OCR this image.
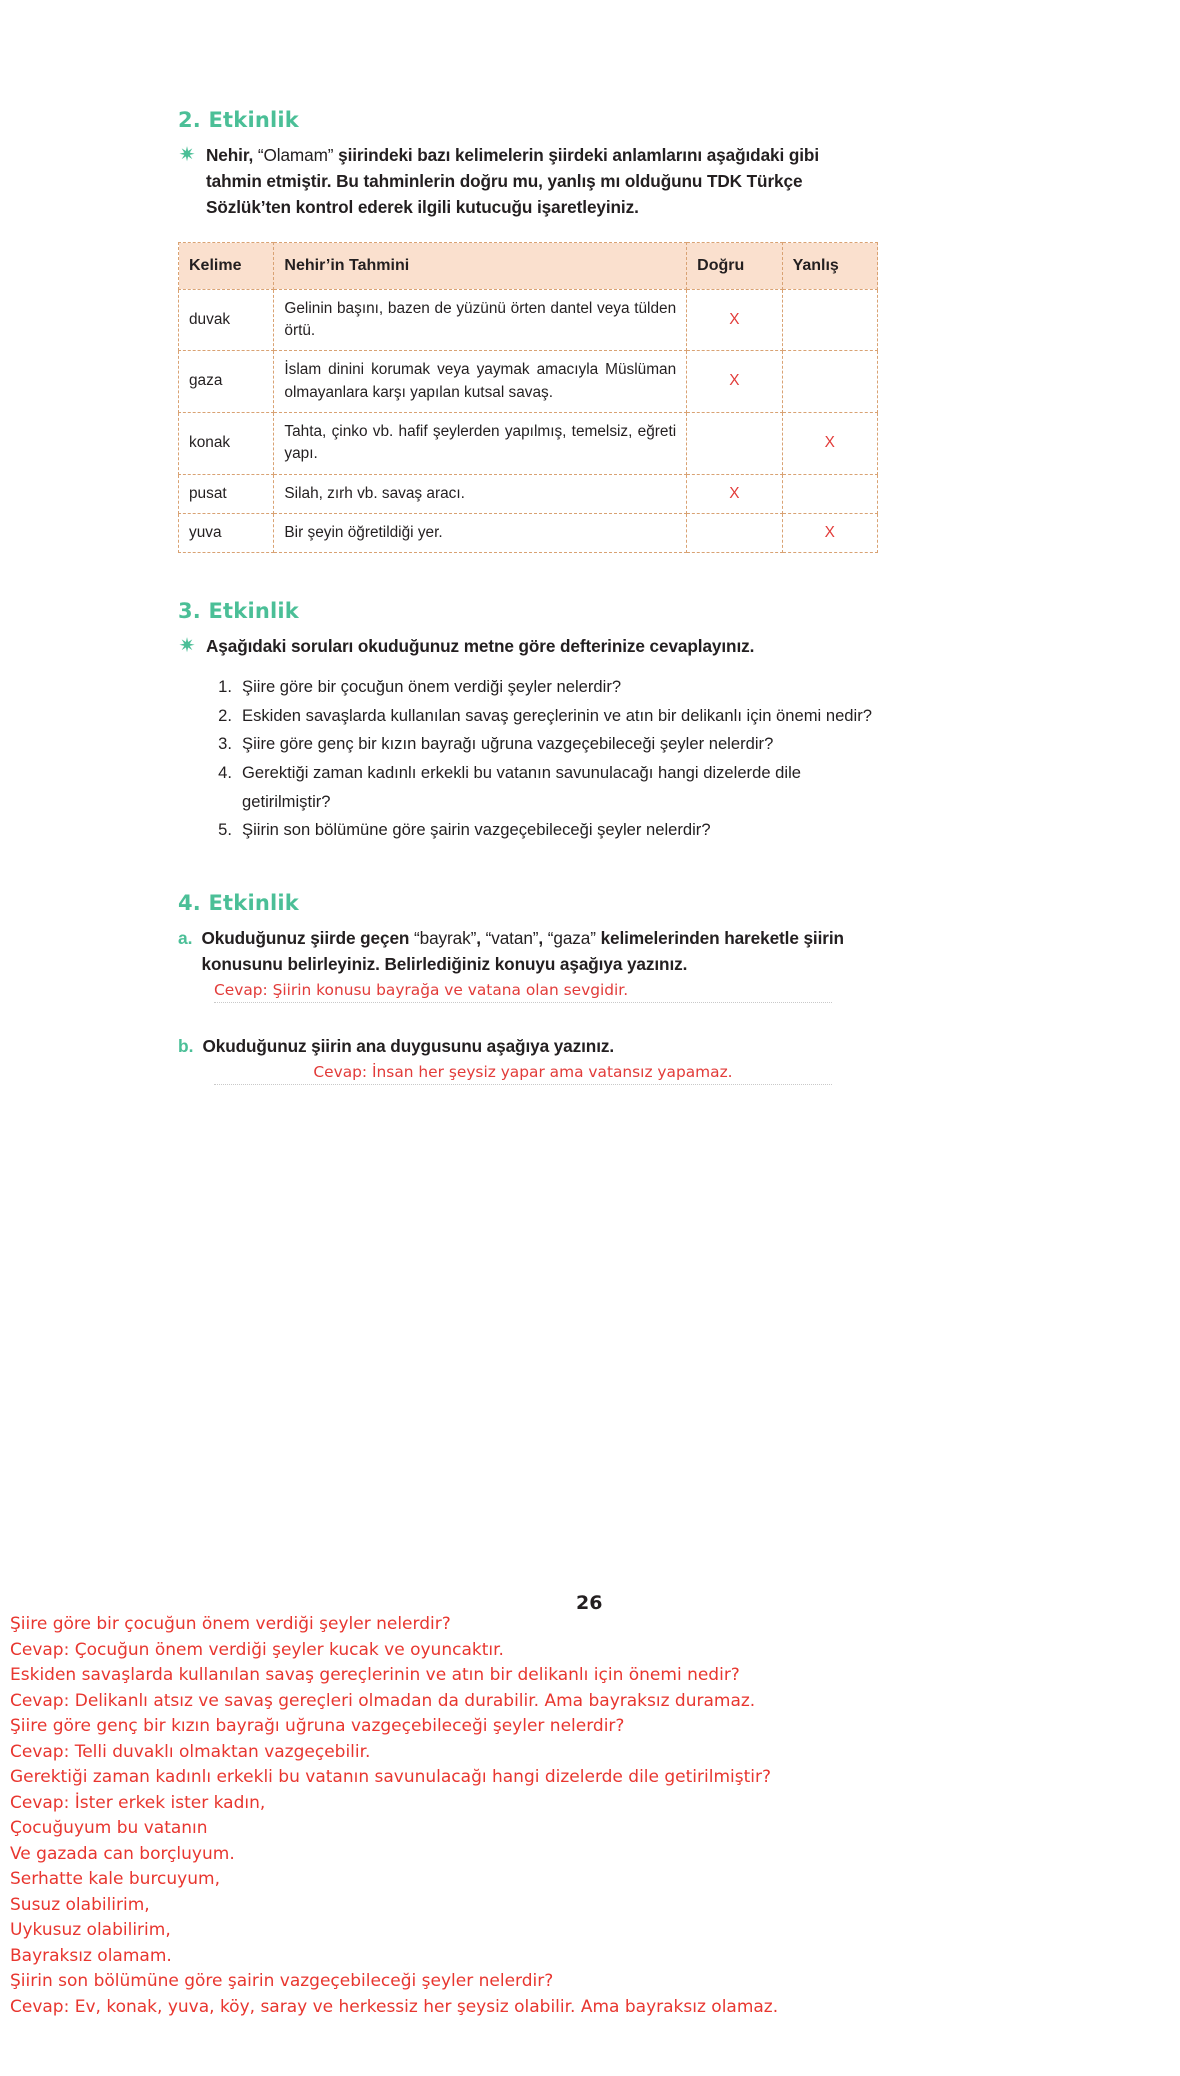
2. Etkinlik
✷ Nehir, “Olamam” şiirindeki bazı kelimelerin şiirdeki anlamlarını aşağıdaki gibi tahmin etmiştir. Bu tahminlerin doğru mu, yanlış mı olduğunu TDK Türkçe Sözlük’ten kontrol ederek ilgili kutucuğu işaretleyiniz.
Kelime	Nehir’in Tahmini	Doğru	Yanlış
duvak	Gelinin başını, bazen de yüzünü örten dantel veya tülden örtü.	X	
gaza	İslam dinini korumak veya yaymak amacıyla Müslüman olmayanlara karşı yapılan kutsal savaş.	X	
konak	Tahta, çinko vb. hafif şeylerden yapılmış, temelsiz, eğreti yapı.		X
pusat	Silah, zırh vb. savaş aracı.	X	
yuva	Bir şeyin öğretildiği yer.		X
3. Etkinlik
✷ Aşağıdaki soruları okuduğunuz metne göre defterinize cevaplayınız.
1. Şiire göre bir çocuğun önem verdiği şeyler nelerdir?
2. Eskiden savaşlarda kullanılan savaş gereçlerinin ve atın bir delikanlı için önemi nedir?
3. Şiire göre genç bir kızın bayrağı uğruna vazgeçebileceği şeyler nelerdir?
4. Gerektiği zaman kadınlı erkekli bu vatanın savunulacağı hangi dizelerde dile getirilmiştir?
5. Şiirin son bölümüne göre şairin vazgeçebileceği şeyler nelerdir?
4. Etkinlik
a. Okuduğunuz şiirde geçen “bayrak”, “vatan”, “gaza” kelimelerinden hareketle şiirin konusunu belirleyiniz. Belirlediğiniz konuyu aşağıya yazınız.
Cevap: Şiirin konusu bayrağa ve vatana olan sevgidir.
b. Okuduğunuz şiirin ana duygusunu aşağıya yazınız.
Cevap: İnsan her şeysiz yapar ama vatansız yapamaz.
26
Şiire göre bir çocuğun önem verdiği şeyler nelerdir?
Cevap: Çocuğun önem verdiği şeyler kucak ve oyuncaktır.
Eskiden savaşlarda kullanılan savaş gereçlerinin ve atın bir delikanlı için önemi nedir?
Cevap: Delikanlı atsız ve savaş gereçleri olmadan da durabilir. Ama bayraksız duramaz.
Şiire göre genç bir kızın bayrağı uğruna vazgeçebileceği şeyler nelerdir?
Cevap: Telli duvaklı olmaktan vazgeçebilir.
Gerektiği zaman kadınlı erkekli bu vatanın savunulacağı hangi dizelerde dile getirilmiştir?
Cevap: İster erkek ister kadın,
Çocuğuyum bu vatanın
Ve gazada can borçluyum.
Serhatte kale burcuyum,
Susuz olabilirim,
Uykusuz olabilirim,
Bayraksız olamam.
Şiirin son bölümüne göre şairin vazgeçebileceği şeyler nelerdir?
Cevap: Ev, konak, yuva, köy, saray ve herkessiz her şeysiz olabilir. Ama bayraksız olamaz.
